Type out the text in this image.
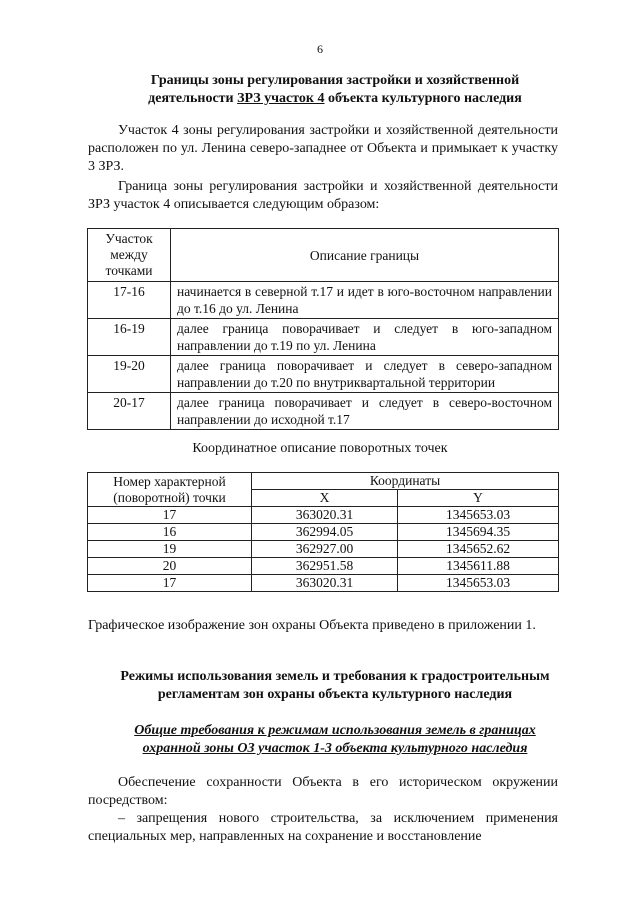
6
Границы зоны регулирования застройки и хозяйственной
деятельности ЗРЗ участок 4 объекта культурного наследия
Участок 4 зоны регулирования застройки и хозяйственной деятельности расположен по ул. Ленина северо-западнее от Объекта и примыкает к участку 3 ЗРЗ.
Граница зоны регулирования застройки и хозяйственной деятельности ЗРЗ участок 4 описывается следующим образом:
Участок между точками	Описание границы
17-16	начинается в северной т.17 и идет в юго-восточном направлении до т.16 до ул. Ленина
16-19	далее граница поворачивает и следует в юго-западном направлении до т.19 по ул. Ленина
19-20	далее граница поворачивает и следует в северо-западном направлении до т.20 по внутриквартальной территории
20-17	далее граница поворачивает и следует в северо-восточном направлении до исходной т.17
Координатное описание поворотных точек
Номер характерной
(поворотной) точки	Координаты	
	X	Y
17	363020.31	1345653.03
16	362994.05	1345694.35
19	362927.00	1345652.62
20	362951.58	1345611.88
17	363020.31	1345653.03
Графическое изображение зон охраны Объекта приведено в приложении 1.
Режимы использования земель и требования к градостроительным
регламентам зон охраны объекта культурного наследия
Общие требования к режимам использования земель в границах
охранной зоны ОЗ участок 1-3 объекта культурного наследия
Обеспечение сохранности Объекта в его историческом окружении посредством:
– запрещения нового строительства, за исключением применения специальных мер, направленных на сохранение и восстановление
